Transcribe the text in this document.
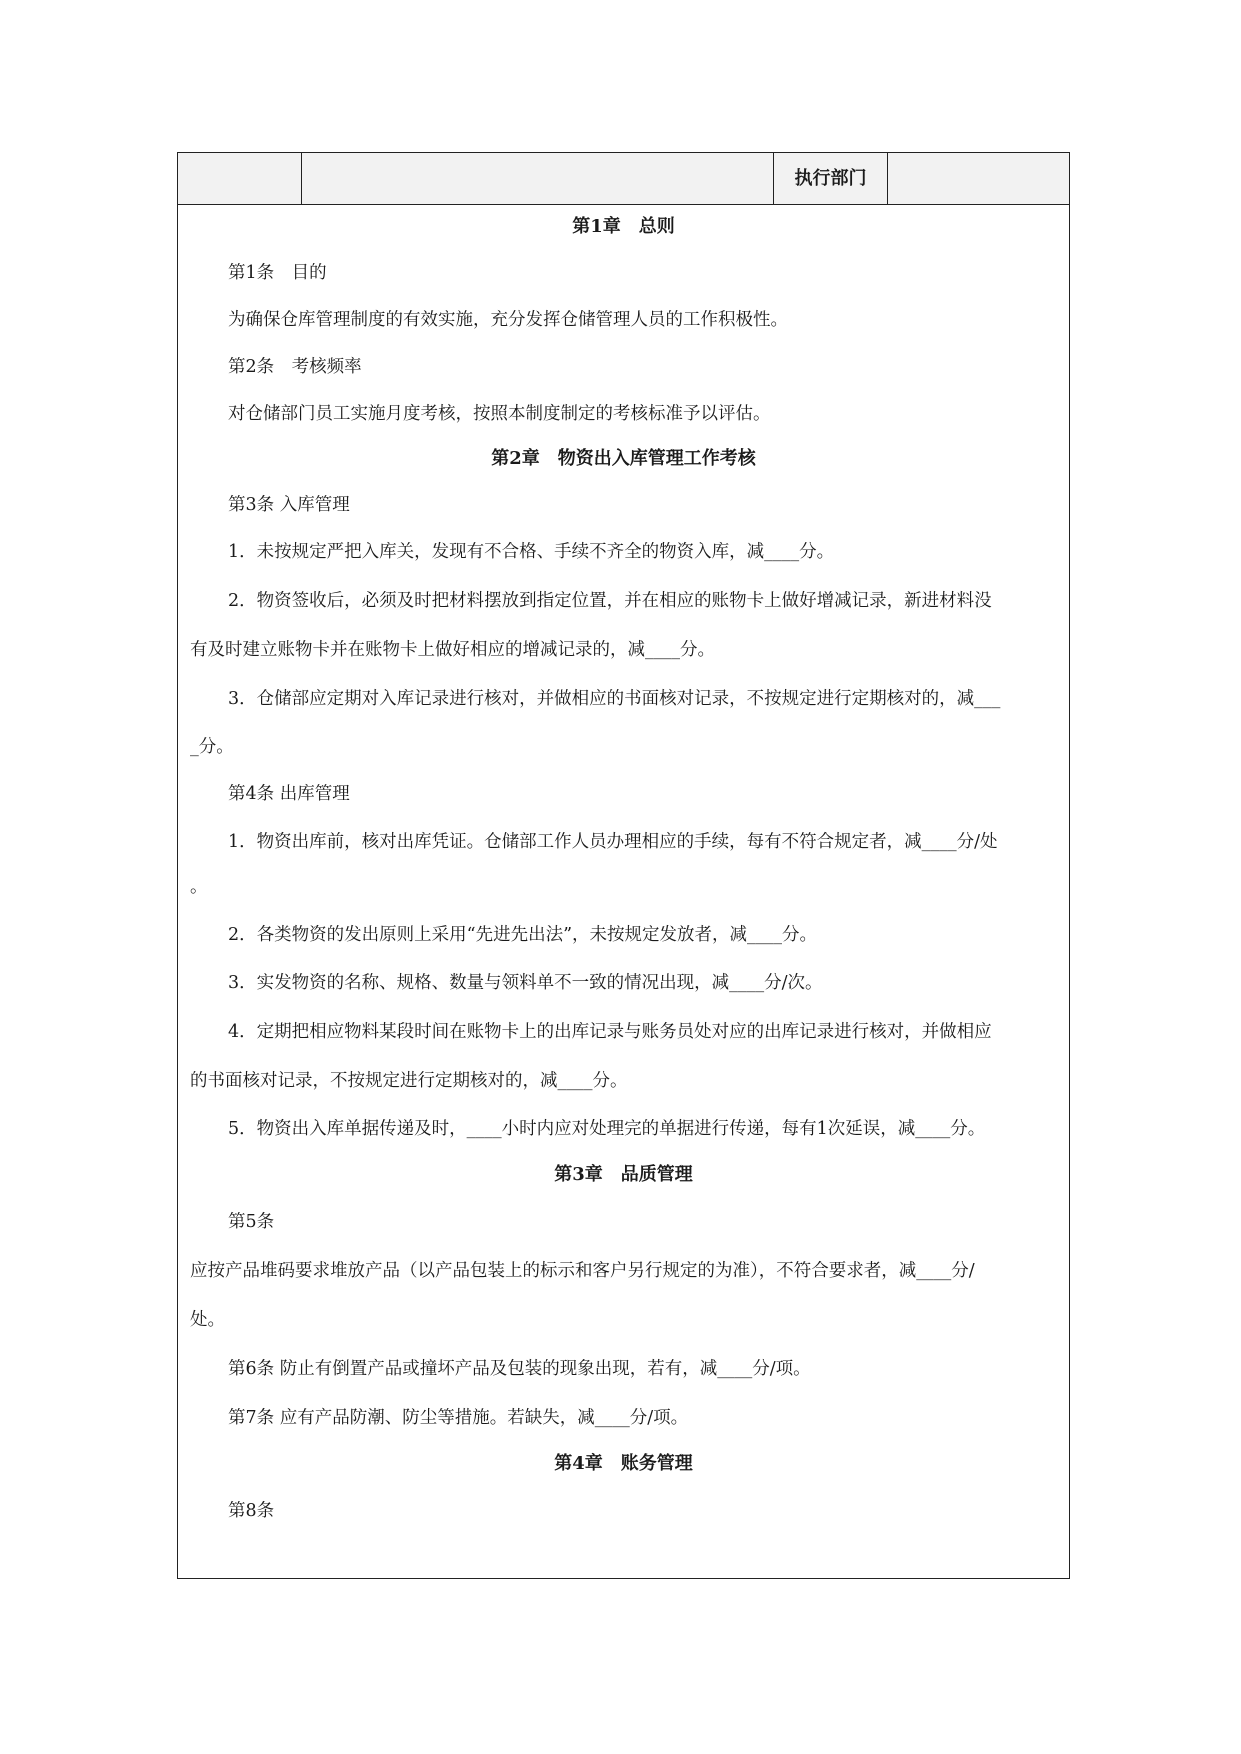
执行部门
第1章　总则
第1条　目的
为确保仓库管理制度的有效实施，充分发挥仓储管理人员的工作积极性。
第2条　考核频率
对仓储部门员工实施月度考核，按照本制度制定的考核标准予以评估。
第2章　物资出入库管理工作考核
第3条 入库管理
1．未按规定严把入库关，发现有不合格、手续不齐全的物资入库，减____分。
2．物资签收后，必须及时把材料摆放到指定位置，并在相应的账物卡上做好增减记录，新进材料没
有及时建立账物卡并在账物卡上做好相应的增减记录的，减____分。
3．仓储部应定期对入库记录进行核对，并做相应的书面核对记录，不按规定进行定期核对的，减___
_分。
第4条 出库管理
1．物资出库前，核对出库凭证。仓储部工作人员办理相应的手续，每有不符合规定者，减____分/处
。
2．各类物资的发出原则上采用“先进先出法”，未按规定发放者，减____分。
3．实发物资的名称、规格、数量与领料单不一致的情况出现，减____分/次。
4．定期把相应物料某段时间在账物卡上的出库记录与账务员处对应的出库记录进行核对，并做相应
的书面核对记录，不按规定进行定期核对的，减____分。
5．物资出入库单据传递及时，____小时内应对处理完的单据进行传递，每有1次延误，减____分。
第3章　品质管理
第5条
应按产品堆码要求堆放产品（以产品包装上的标示和客户另行规定的为准），不符合要求者，减____分/
处。
第6条 防止有倒置产品或撞坏产品及包装的现象出现，若有，减____分/项。
第7条 应有产品防潮、防尘等措施。若缺失，减____分/项。
第4章　账务管理
第8条
